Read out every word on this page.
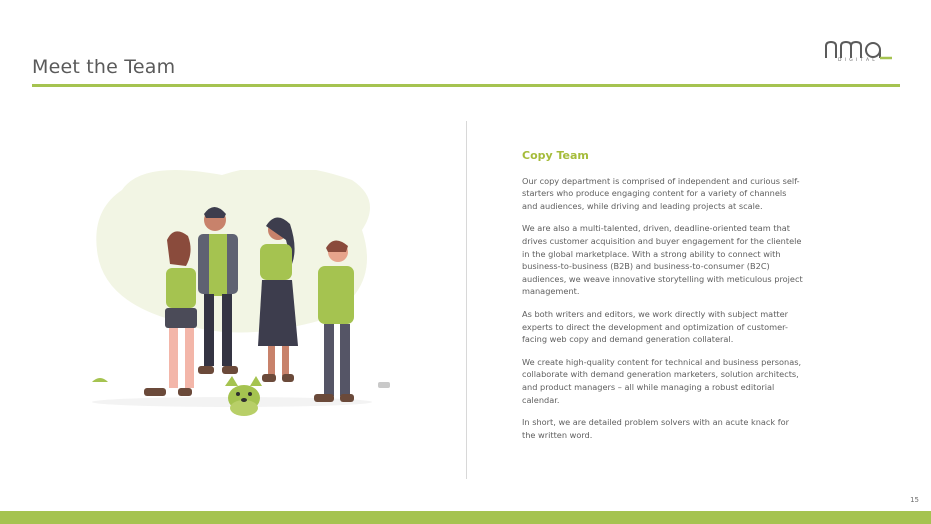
Meet the Team	DIGITAL
Copy Team

Our copy department is comprised of independent and curious self-starters who produce engaging content for a variety of channels and audiences, while driving and leading projects at scale.

We are also a multi-talented, driven, deadline-oriented team that drives customer acquisition and buyer engagement for the clientele in the global marketplace. With a strong ability to connect with business-to-business (B2B) and business-to-consumer (B2C) audiences, we weave innovative storytelling with meticulous project management.

As both writers and editors, we work directly with subject matter experts to direct the development and optimization of customer-facing web copy and demand generation collateral.

We create high-quality content for technical and business personas, collaborate with demand generation marketers, solution architects, and product managers – all while managing a robust editorial calendar.

In short, we are detailed problem solvers with an acute knack for the written word.

15
